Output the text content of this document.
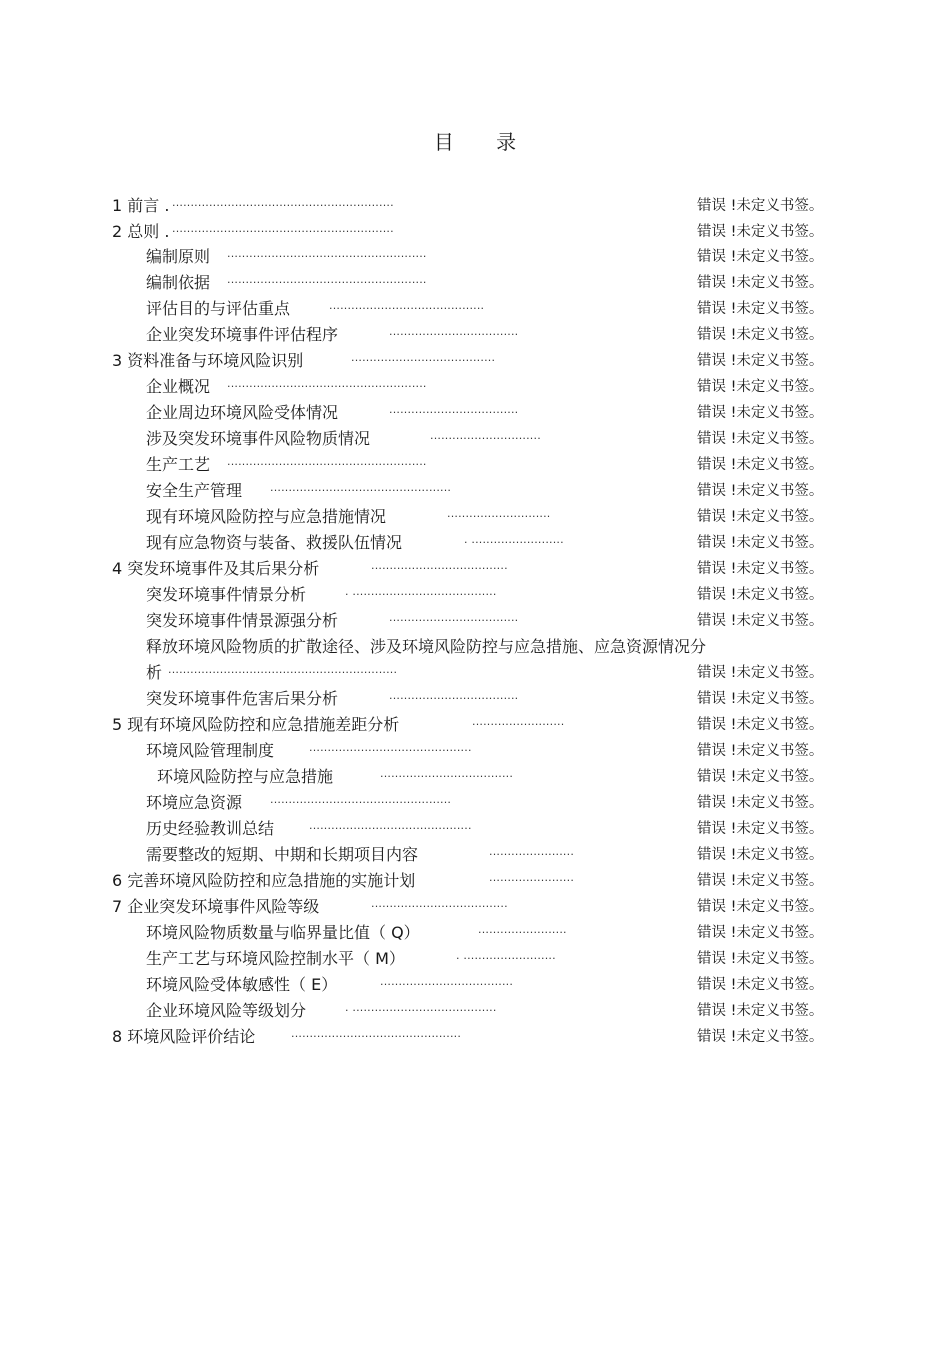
目 录
1 前言 . ............................................................	错误 !未定义书签。
2 总则 . ............................................................	错误 !未定义书签。
编制原则 ......................................................	错误 !未定义书签。
编制依据 ......................................................	错误 !未定义书签。
评估目的与评估重点	..........................................	错误 !未定义书签。
企业突发环境事件评估程序	...................................	错误 !未定义书签。
3 资料准备与环境风险识别	.......................................	错误 !未定义书签。
企业概况 ......................................................	错误 !未定义书签。
企业周边环境风险受体情况	...................................	错误 !未定义书签。
涉及突发环境事件风险物质情况	..............................	错误 !未定义书签。
生产工艺 ......................................................	错误 !未定义书签。
安全生产管理	.................................................	错误 !未定义书签。
现有环境风险防控与应急措施情况	............................	错误 !未定义书签。
现有应急物资与装备、救援队伍情况	. .........................	错误 !未定义书签。
4 突发环境事件及其后果分析	.....................................	错误 !未定义书签。
突发环境事件情景分析	. .......................................	错误 !未定义书签。
突发环境事件情景源强分析	...................................	错误 !未定义书签。
释放环境风险物质的扩散途径、涉及环境风险防控与应急措施、应急资源情况分
析 ..............................................................	错误 !未定义书签。
突发环境事件危害后果分析	...................................	错误 !未定义书签。
5 现有环境风险防控和应急措施差距分析	.........................	错误 !未定义书签。
环境风险管理制度	............................................	错误 !未定义书签。
环境风险防控与应急措施	....................................	错误 !未定义书签。
环境应急资源	.................................................	错误 !未定义书签。
历史经验教训总结	............................................	错误 !未定义书签。
需要整改的短期、中期和长期项目内容	.......................	错误 !未定义书签。
6 完善环境风险防控和应急措施的实施计划	.......................	错误 !未定义书签。
7 企业突发环境事件风险等级	.....................................	错误 !未定义书签。
环境风险物质数量与临界量比值（ Q）	........................	错误 !未定义书签。
生产工艺与环境风险控制水平（ M）	. .........................	错误 !未定义书签。
环境风险受体敏感性（ E）	....................................	错误 !未定义书签。
企业环境风险等级划分	. .......................................	错误 !未定义书签。
8 环境风险评价结论	..............................................	错误 !未定义书签。
